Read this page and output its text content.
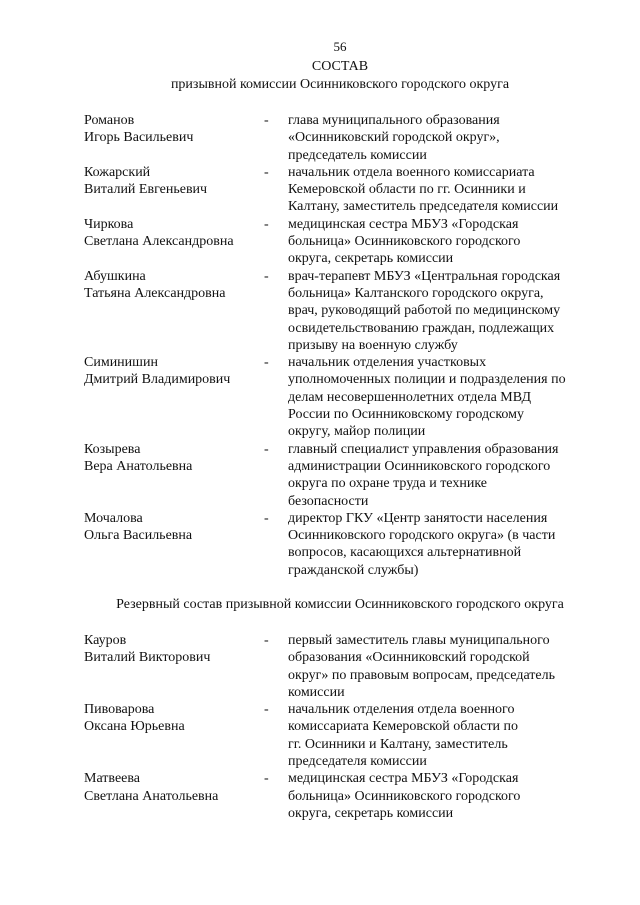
56
СОСТАВ
призывной комиссии Осинниковского городского округа
Романов
Игорь Васильевич
-	глава муниципального образования
«Осинниковский городской округ»,
председатель комиссии
Кожарский
Виталий Евгеньевич
-	начальник отдела военного комиссариата
Кемеровской области по гг. Осинники и
Калтану, заместитель председателя комиссии
Чиркова
Светлана Александровна
-	медицинская сестра МБУЗ «Городская
больница» Осинниковского городского
округа, секретарь комиссии
Абушкина
Татьяна Александровна
-	врач-терапевт МБУЗ «Центральная городская
больница» Калтанского городского округа,
врач, руководящий работой по медицинскому
освидетельствованию граждан, подлежащих
призыву на военную службу
Симинишин
Дмитрий Владимирович
-	начальник отделения участковых
уполномоченных полиции и подразделения по
делам несовершеннолетних отдела МВД
России по Осинниковскому городскому
округу, майор полиции
Козырева
Вера Анатольевна
-	главный специалист управления образования
администрации Осинниковского городского
округа по охране труда и технике
безопасности
Мочалова
Ольга Васильевна
-	директор ГКУ «Центр занятости населения
Осинниковского городского округа» (в части
вопросов, касающихся альтернативной
гражданской службы)
Резервный состав призывной комиссии Осинниковского городского округа
Кауров
Виталий Викторович
-	первый заместитель главы муниципального
образования «Осинниковский городской
округ» по правовым вопросам, председатель
комиссии
Пивоварова
Оксана Юрьевна
-	начальник отделения отдела военного
комиссариата Кемеровской области по
гг. Осинники и Калтану, заместитель
председателя комиссии
Матвеева
Светлана Анатольевна
-	медицинская сестра МБУЗ «Городская
больница» Осинниковского городского
округа, секретарь комиссии
